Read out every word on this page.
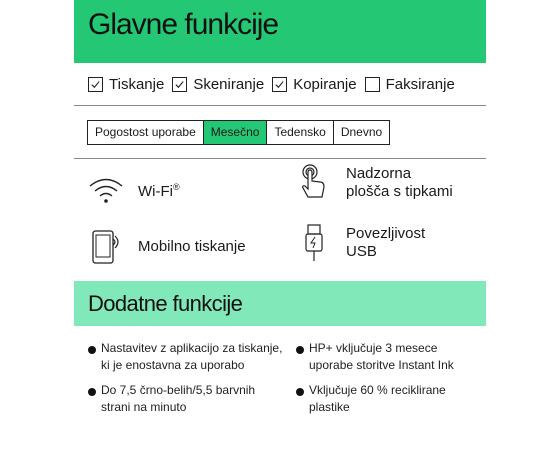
Glavne funkcije
Tiskanje Skeniranje Kopiranje Faksiranje
Pogostost uporabe	Mesečno	Tedensko	Dnevno
Wi-Fi®
Nadzorna
plošča s tipkami
Mobilno tiskanje
Povezljivost
USB
Dodatne funkcije
Nastavitev z aplikacijo za tiskanje,
ki je enostavna za uporabo
HP+ vključuje 3 mesece
uporabe storitve Instant Ink
Do 7,5 črno-belih/5,5 barvnih
strani na minuto
Vključuje 60 % reciklirane
plastike
